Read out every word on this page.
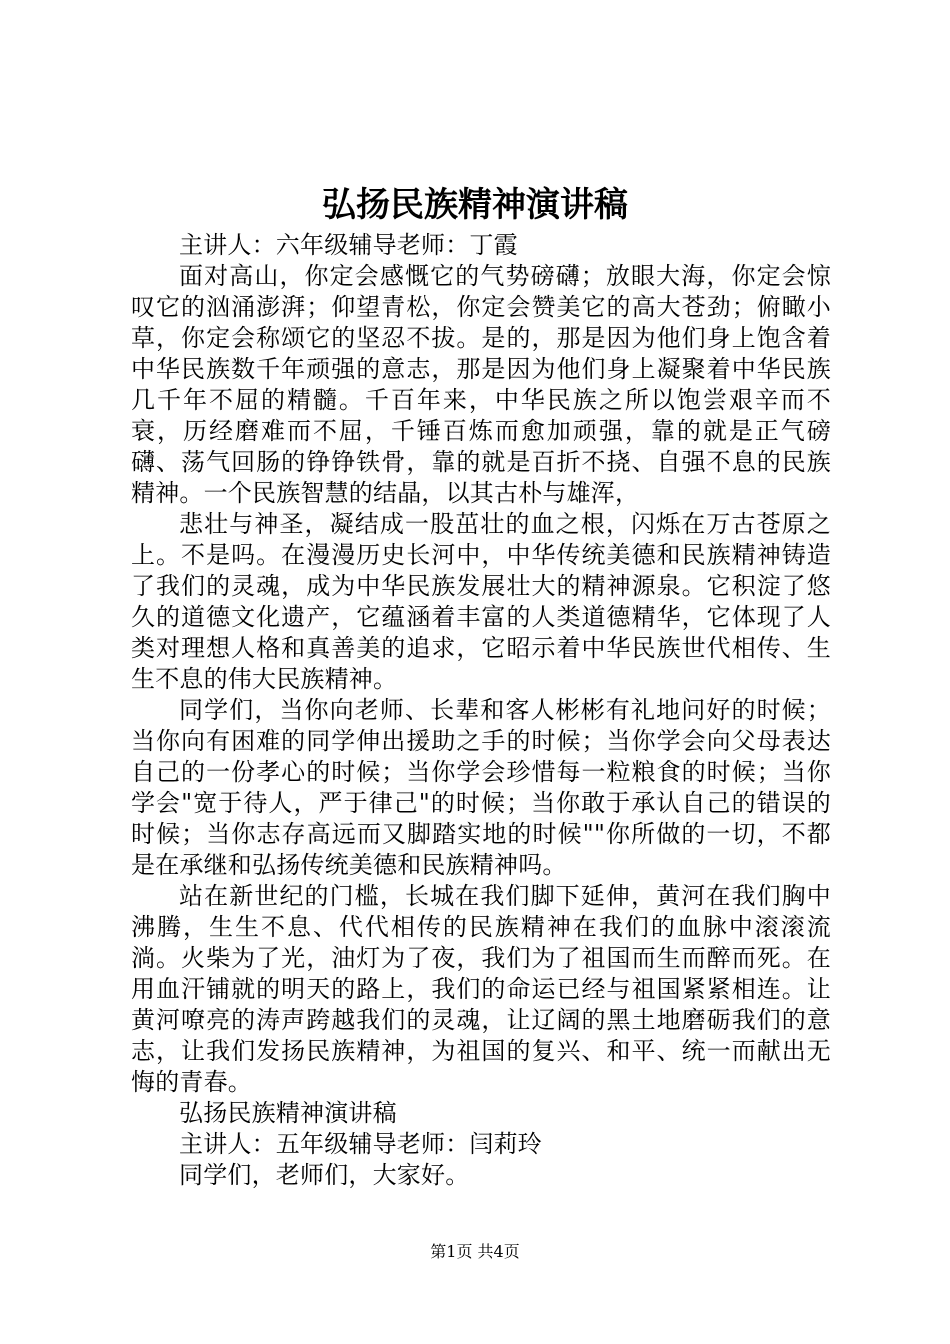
弘扬民族精神演讲稿

主讲人：六年级辅导老师：丁霞

面对高山，你定会感慨它的气势磅礴；放眼大海，你定会惊叹它的汹涌澎湃；仰望青松，你定会赞美它的高大苍劲；俯瞰小草，你定会称颂它的坚忍不拔。是的，那是因为他们身上饱含着中华民族数千年顽强的意志，那是因为他们身上凝聚着中华民族几千年不屈的精髓。千百年来，中华民族之所以饱尝艰辛而不衰，历经磨难而不屈，千锤百炼而愈加顽强，靠的就是正气磅礴、荡气回肠的铮铮铁骨，靠的就是百折不挠、自强不息的民族精神。一个民族智慧的结晶，以其古朴与雄浑，

悲壮与神圣，凝结成一股茁壮的血之根，闪烁在万古苍原之上。不是吗。在漫漫历史长河中，中华传统美德和民族精神铸造了我们的灵魂，成为中华民族发展壮大的精神源泉。它积淀了悠久的道德文化遗产，它蕴涵着丰富的人类道德精华，它体现了人类对理想人格和真善美的追求，它昭示着中华民族世代相传、生生不息的伟大民族精神。

同学们，当你向老师、长辈和客人彬彬有礼地问好的时候；当你向有困难的同学伸出援助之手的时候；当你学会向父母表达自己的一份孝心的时候；当你学会珍惜每一粒粮食的时候；当你学会"宽于待人，严于律己"的时候；当你敢于承认自己的错误的时候；当你志存高远而又脚踏实地的时候""你所做的一切，不都是在承继和弘扬传统美德和民族精神吗。

站在新世纪的门槛，长城在我们脚下延伸，黄河在我们胸中沸腾，生生不息、代代相传的民族精神在我们的血脉中滚滚流淌。火柴为了光，油灯为了夜，我们为了祖国而生而醉而死。在用血汗铺就的明天的路上，我们的命运已经与祖国紧紧相连。让黄河嘹亮的涛声跨越我们的灵魂，让辽阔的黑土地磨砺我们的意志，让我们发扬民族精神，为祖国的复兴、和平、统一而献出无悔的青春。

弘扬民族精神演讲稿

主讲人：五年级辅导老师：闫莉玲

同学们，老师们，大家好。

第1页 共4页
